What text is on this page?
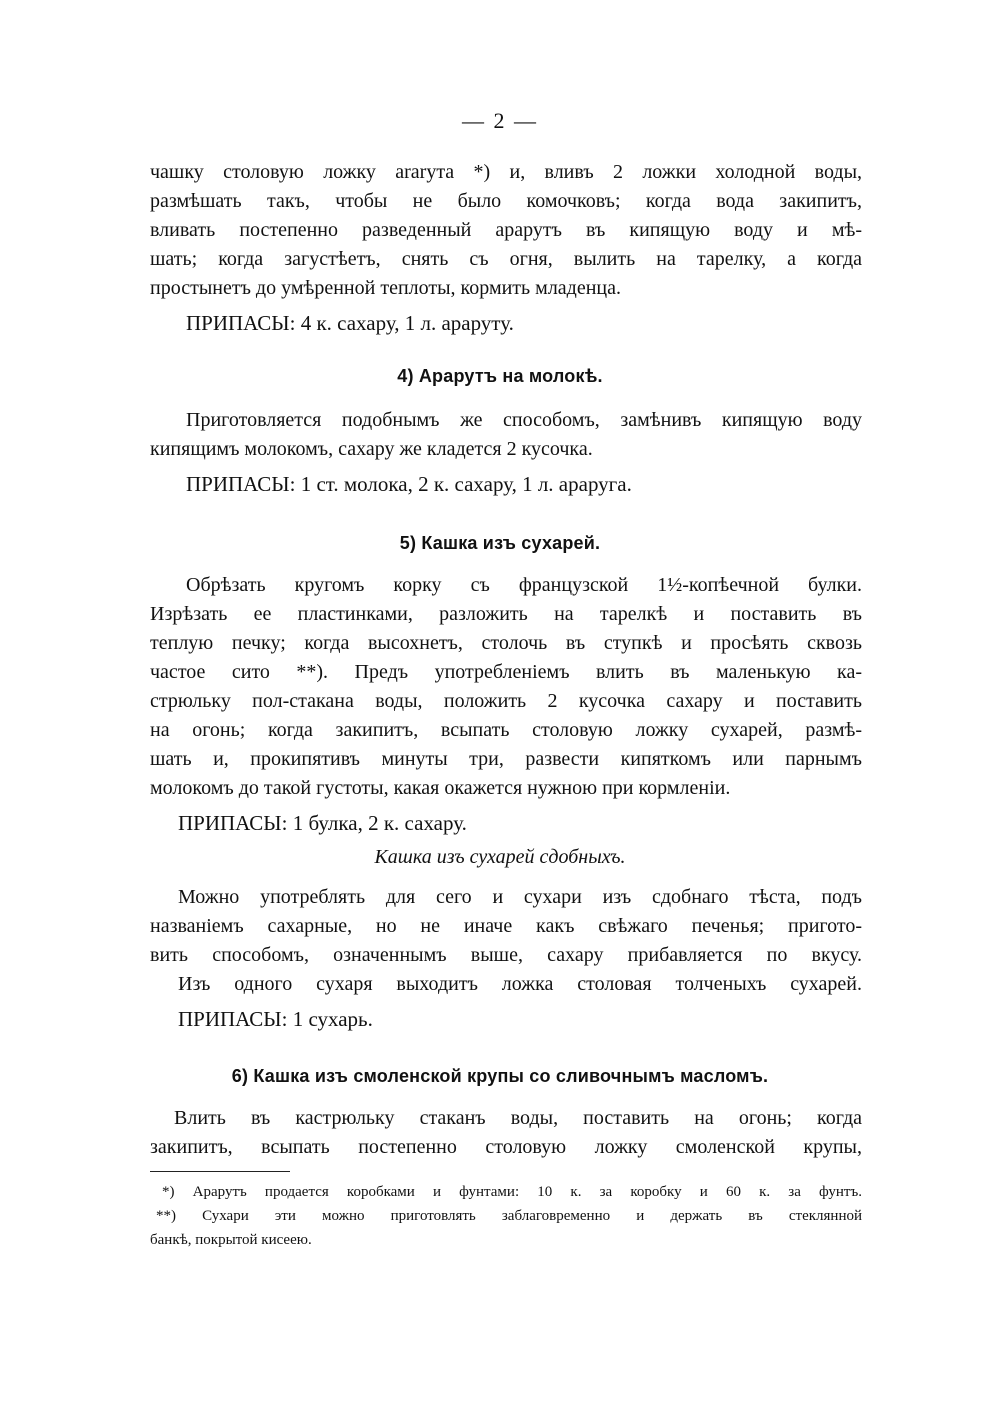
— 2 —
чашку столовую ложку ararута *) и, вливъ 2 ложки холодной воды,
размѣшать такъ, чтобы не было комочковъ; когда вода закипитъ,
вливать постепенно разведенный арарутъ въ кипящую воду и мѣ-
шать; когда загустѣетъ, снять съ огня, вылить на тарелку, а когда
простынетъ до умѣренной теплоты, кормить младенца.
ПРИПАСЫ: 4 к. сахару, 1 л. араруту.
4) Арарутъ на молокѣ.
Приготовляется подобнымъ же способомъ, замѣнивъ кипящую воду
кипящимъ молокомъ, сахару же кладется 2 кусочка.
ПРИПАСЫ: 1 ст. молока, 2 к. сахару, 1 л. араруга.
5) Кашка изъ сухарей.
Обрѣзать кругомъ корку съ французской 1½-копѣечной булки.
Изрѣзать ее пластинками, разложить на тарелкѣ и поставить въ
теплую печку; когда высохнетъ, столочь въ ступкѣ и просѣять сквозь
частое сито **). Предъ употребленіемъ влить въ маленькую ка-
стрюльку пол-стакана воды, положить 2 кусочка сахару и поставить
на огонь; когда закипитъ, всыпать столовую ложку сухарей, размѣ-
шать и, прокипятивъ минуты три, развести кипяткомъ или парнымъ
молокомъ до такой густоты, какая окажется нужною при кормленіи.
ПРИПАСЫ: 1 булка, 2 к. сахару.
Кашка изъ сухарей сдобныхъ.
Можно употреблять для сего и сухари изъ сдобнаго тѣста, подъ
названіемъ сахарные, но не иначе какъ свѣжаго печенья; пригото-
вить способомъ, означеннымъ выше, сахару прибавляется по вкусу.
Изъ одного сухаря выходитъ ложка столовая толченыхъ сухарей.
ПРИПАСЫ: 1 сухарь.
6) Кашка изъ смоленской крупы со сливочнымъ масломъ.
Влить въ кастрюльку стаканъ воды, поставить на огонь; когда
закипитъ, всыпать постепенно столовую ложку смоленской крупы,
*) Арарутъ продается коробками и фунтами: 10 к. за коробку и 60 к. за фунтъ.
**) Сухари эти можно приготовлять заблаговременно и держать въ стеклянной
банкѣ, покрытой кисеею.
